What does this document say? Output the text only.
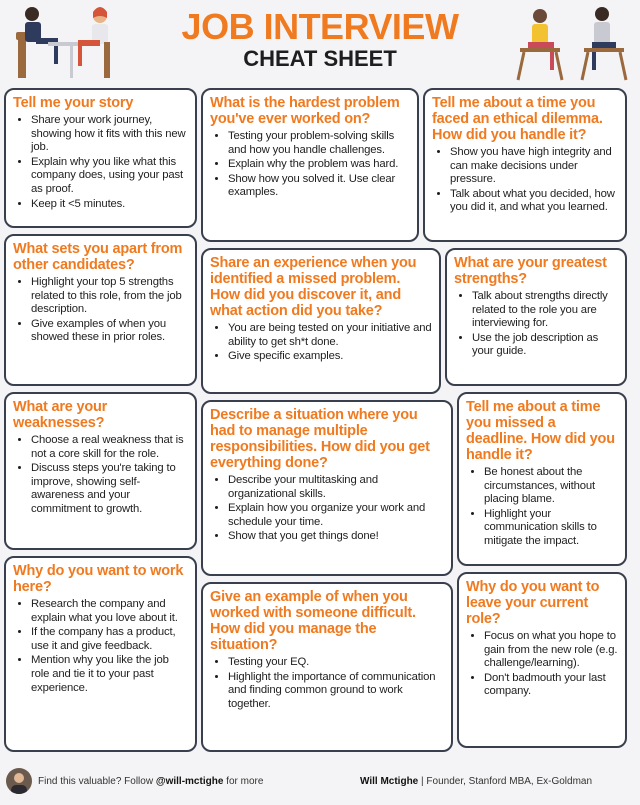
JOB INTERVIEW
CHEAT SHEET
Tell me your story
• Share your work journey, showing how it fits with this new job.
• Explain why you like what this company does, using your past as proof.
• Keep it <5 minutes.
What sets you apart from other candidates?
• Highlight your top 5 strengths related to this role, from the job description.
• Give examples of when you showed these in prior roles.
What are your weaknesses?
• Choose a real weakness that is not a core skill for the role.
• Discuss steps you're taking to improve, showing self-awareness and your commitment to growth.
Why do you want to work here?
• Research the company and explain what you love about it.
• If the company has a product, use it and give feedback.
• Mention why you like the job role and tie it to your past experience.
What is the hardest problem you've ever worked on?
• Testing your problem-solving skills and how you handle challenges.
• Explain why the problem was hard.
• Show how you solved it. Use clear examples.
Share an experience when you identified a missed problem. How did you discover it, and what action did you take?
• You are being tested on your initiative and ability to get sh*t done.
• Give specific examples.
Describe a situation where you had to manage multiple responsibilities. How did you get everything done?
• Describe your multitasking and organizational skills.
• Explain how you organize your work and schedule your time.
• Show that you get things done!
Give an example of when you worked with someone difficult. How did you manage the situation?
• Testing your EQ.
• Highlight the importance of communication and finding common ground to work together.
Tell me about a time you faced an ethical dilemma. How did you handle it?
• Show you have high integrity and can make decisions under pressure.
• Talk about what you decided, how you did it, and what you learned.
What are your greatest strengths?
• Talk about strengths directly related to the role you are interviewing for.
• Use the job description as your guide.
Tell me about a time you missed a deadline. How did you handle it?
• Be honest about the circumstances, without placing blame.
• Highlight your communication skills to mitigate the impact.
Why do you want to leave your current role?
• Focus on what you hope to gain from the new role (e.g. challenge/learning).
• Don't badmouth your last company.
Find this valuable? Follow @will-mctighe for more	Will Mctighe | Founder, Stanford MBA, Ex-Goldman
